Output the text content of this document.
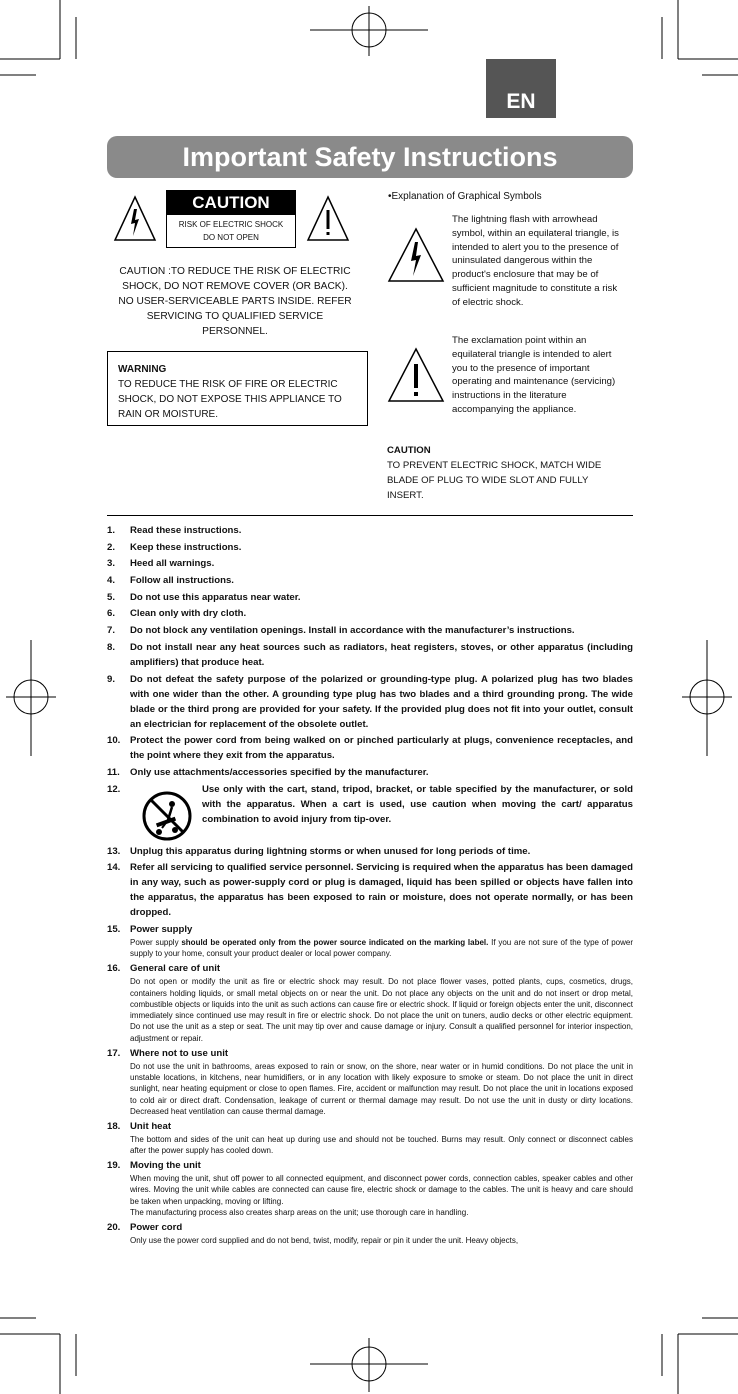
EN
Important Safety Instructions
CAUTION
RISK OF ELECTRIC SHOCK
DO NOT OPEN
CAUTION :TO REDUCE THE RISK OF ELECTRIC SHOCK, DO NOT REMOVE COVER (OR BACK). NO USER-SERVICEABLE PARTS INSIDE. REFER SERVICING TO QUALIFIED SERVICE PERSONNEL.
WARNING
TO REDUCE THE RISK OF FIRE OR ELECTRIC SHOCK, DO NOT EXPOSE THIS APPLIANCE TO RAIN OR MOISTURE.
•Explanation of Graphical Symbols
The lightning flash with arrowhead symbol, within an equilateral triangle, is intended to alert you to the presence of uninsulated dangerous within the product's enclosure that may be of sufficient magnitude to constitute a risk of electric shock.
The exclamation point within an equilateral triangle is intended to alert you to the presence of important operating and maintenance (servicing) instructions in the literature accompanying the appliance.
CAUTION
TO PREVENT ELECTRIC SHOCK, MATCH WIDE BLADE OF PLUG TO WIDE SLOT AND FULLY INSERT.
1. Read these instructions.
2. Keep these instructions.
3. Heed all warnings.
4. Follow all instructions.
5. Do not use this apparatus near water.
6. Clean only with dry cloth.
7. Do not block any ventilation openings. Install in accordance with the manufacturer’s instructions.
8. Do not install near any heat sources such as radiators, heat registers, stoves, or other apparatus (including amplifiers) that produce heat.
9. Do not defeat the safety purpose of the polarized or grounding-type plug. A polarized plug has two blades with one wider than the other. A grounding type plug has two blades and a third grounding prong. The wide blade or the third prong are provided for your safety. If the provided plug does not fit into your outlet, consult an electrician for replacement of the obsolete outlet.
10. Protect the power cord from being walked on or pinched particularly at plugs, convenience receptacles, and the point where they exit from the apparatus.
11. Only use attachments/accessories specified by the manufacturer.
12.	Use only with the cart, stand, tripod, bracket, or table specified by the manufacturer, or sold with the apparatus. When a cart is used, use caution when moving the cart/ apparatus combination to avoid injury from tip-over.
13. Unplug this apparatus during lightning storms or when unused for long periods of time.
14. Refer all servicing to qualified service personnel. Servicing is required when the apparatus has been damaged in any way, such as power-supply cord or plug is damaged, liquid has been spilled or objects have fallen into the apparatus, the apparatus has been exposed to rain or moisture, does not operate normally, or has been dropped.
15. Power supply
Power supply should be operated only from the power source indicated on the marking label. If you are not sure of the type of power supply to your home, consult your product dealer or local power company.
16. General care of unit
Do not open or modify the unit as fire or electric shock may result. Do not place flower vases, potted plants, cups, cosmetics, drugs, containers holding liquids, or small metal objects on or near the unit. Do not place any objects on the unit and do not insert or drop metal, combustible objects or liquids into the unit as such actions can cause fire or electric shock. If liquid or foreign objects enter the unit, disconnect immediately since continued use may result in fire or electric shock. Do not place the unit on tuners, audio decks or other electric equipment. Do not use the unit as a step or seat. The unit may tip over and cause damage or injury. Consult a qualified personnel for interior inspection, adjustment or repair.
17. Where not to use unit
Do not use the unit in bathrooms, areas exposed to rain or snow, on the shore, near water or in humid conditions. Do not place the unit in unstable locations, in kitchens, near humidifiers, or in any location with likely exposure to smoke or steam. Do not place the unit in direct sunlight, near heating equipment or close to open flames. Fire, accident or malfunction may result. Do not place the unit in locations exposed to cold air or direct draft. Condensation, leakage of current or thermal damage may result. Do not use the unit in dusty or dirty locations. Decreased heat ventilation can cause thermal damage.
18. Unit heat
The bottom and sides of the unit can heat up during use and should not be touched. Burns may result. Only connect or disconnect cables after the power supply has cooled down.
19. Moving the unit
When moving the unit, shut off power to all connected equipment, and disconnect power cords, connection cables, speaker cables and other wires. Moving the unit while cables are connected can cause fire, electric shock or damage to the cables. The unit is heavy and care should be taken when unpacking, moving or lifting.
The manufacturing process also creates sharp areas on the unit; use thorough care in handling.
20. Power cord
Only use the power cord supplied and do not bend, twist, modify, repair or pin it under the unit. Heavy objects,
